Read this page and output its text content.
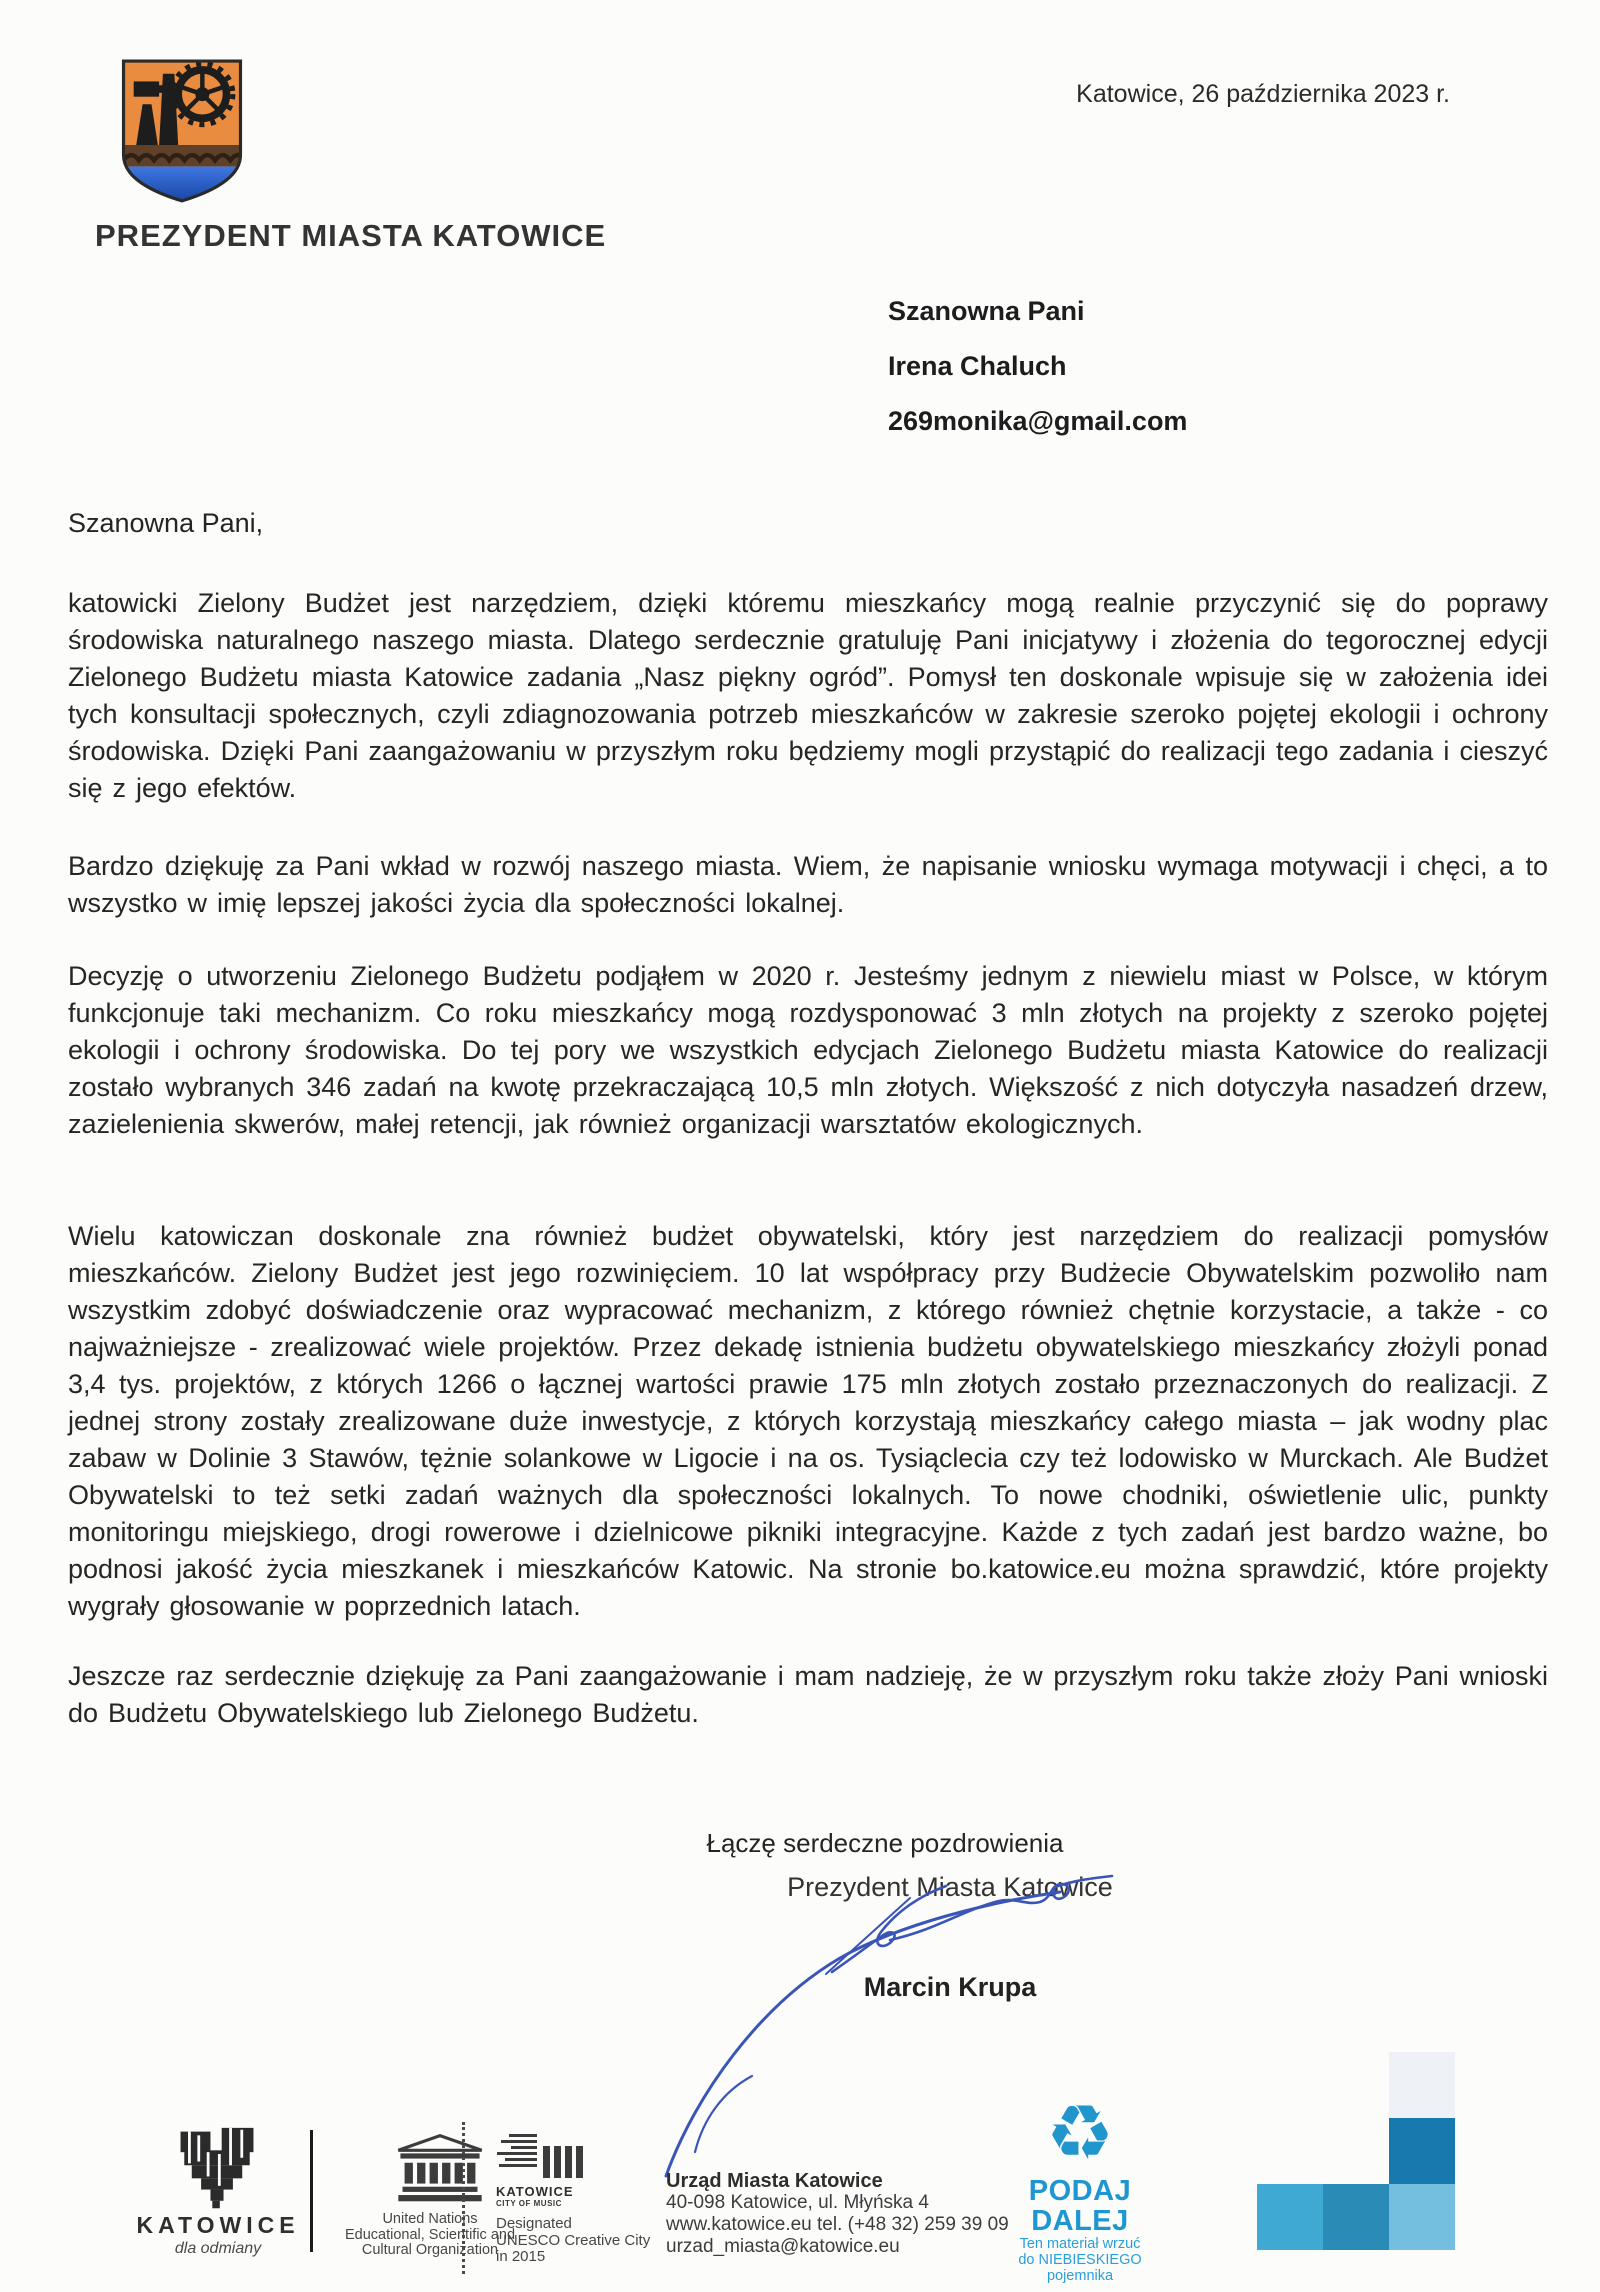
PREZYDENT MIASTA KATOWICE
Katowice, 26 października 2023 r.
Szanowna Pani
Irena Chaluch
269monika@gmail.com
Szanowna Pani,

katowicki Zielony Budżet jest narzędziem, dzięki któremu mieszkańcy mogą realnie przyczynić się do poprawy środowiska naturalnego naszego miasta. Dlatego serdecznie gratuluję Pani inicjatywy i złożenia do tegorocznej edycji Zielonego Budżetu miasta Katowice zadania „Nasz piękny ogród”. Pomysł ten doskonale wpisuje się w założenia idei tych konsultacji społecznych, czyli zdiagnozowania potrzeb mieszkańców w zakresie szeroko pojętej ekologii i ochrony środowiska. Dzięki Pani zaangażowaniu w przyszłym roku będziemy mogli przystąpić do realizacji tego zadania i cieszyć się z jego efektów.

Bardzo dziękuję za Pani wkład w rozwój naszego miasta. Wiem, że napisanie wniosku wymaga motywacji i chęci, a to wszystko w imię lepszej jakości życia dla społeczności lokalnej.

Decyzję o utworzeniu Zielonego Budżetu podjąłem w 2020 r. Jesteśmy jednym z niewielu miast w Polsce, w którym funkcjonuje taki mechanizm. Co roku mieszkańcy mogą rozdysponować 3 mln złotych na projekty z szeroko pojętej ekologii i ochrony środowiska. Do tej pory we wszystkich edycjach Zielonego Budżetu miasta Katowice do realizacji zostało wybranych 346 zadań na kwotę przekraczającą 10,5 mln złotych. Większość z nich dotyczyła nasadzeń drzew, zazielenienia skwerów, małej retencji, jak również organizacji warsztatów ekologicznych.

Wielu katowiczan doskonale zna również budżet obywatelski, który jest narzędziem do realizacji pomysłów mieszkańców. Zielony Budżet jest jego rozwinięciem. 10 lat współpracy przy Budżecie Obywatelskim pozwoliło nam wszystkim zdobyć doświadczenie oraz wypracować mechanizm, z którego również chętnie korzystacie, a także - co najważniejsze - zrealizować wiele projektów. Przez dekadę istnienia budżetu obywatelskiego mieszkańcy złożyli ponad 3,4 tys. projektów, z których 1266 o łącznej wartości prawie 175 mln złotych zostało przeznaczonych do realizacji. Z jednej strony zostały zrealizowane duże inwestycje, z których korzystają mieszkańcy całego miasta – jak wodny plac zabaw w Dolinie 3 Stawów, tężnie solankowe w Ligocie i na os. Tysiąclecia czy też lodowisko w Murckach. Ale Budżet Obywatelski to też setki zadań ważnych dla społeczności lokalnych. To nowe chodniki, oświetlenie ulic, punkty monitoringu miejskiego, drogi rowerowe i dzielnicowe pikniki integracyjne. Każde z tych zadań jest bardzo ważne, bo podnosi jakość życia mieszkanek i mieszkańców Katowic. Na stronie bo.katowice.eu można sprawdzić, które projekty wygrały głosowanie w poprzednich latach.

Jeszcze raz serdecznie dziękuję za Pani zaangażowanie i mam nadzieję, że w przyszłym roku także złoży Pani wnioski do Budżetu Obywatelskiego lub Zielonego Budżetu.

Łączę serdeczne pozdrowienia
Prezydent Miasta Katowice
Marcin Krupa
KATOWICE
dla odmiany
United Nations
Educational, Scientific and
Cultural Organization
KATOWICE
CITY OF MUSIC
Designated
UNESCO Creative City
in 2015
Urząd Miasta Katowice
40-098 Katowice, ul. Młyńska 4
www.katowice.eu tel. (+48 32) 259 39 09
urzad_miasta@katowice.eu
♻
PODAJ DALEJ
Ten materiał wrzuć
do NIEBIESKIEGO pojemnika
